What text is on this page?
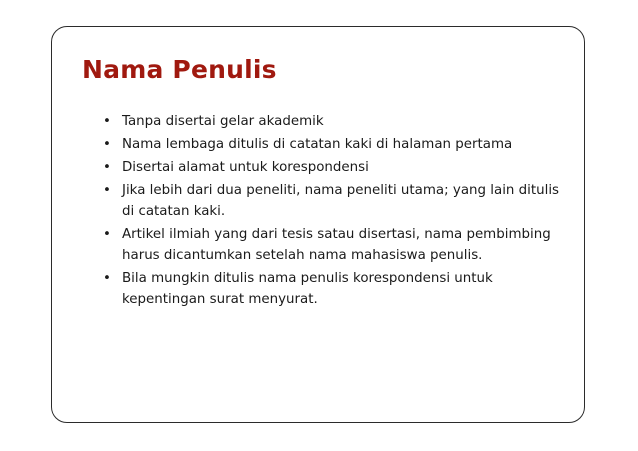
Nama Penulis
• Tanpa disertai gelar akademik
• Nama lembaga ditulis di catatan kaki di halaman pertama
• Disertai alamat untuk korespondensi
• Jika lebih dari dua peneliti, nama peneliti utama; yang lain ditulis di catatan kaki.
• Artikel ilmiah yang dari tesis satau disertasi, nama pembimbing harus dicantumkan setelah nama mahasiswa penulis.
• Bila mungkin ditulis nama penulis korespondensi untuk kepentingan surat menyurat.
